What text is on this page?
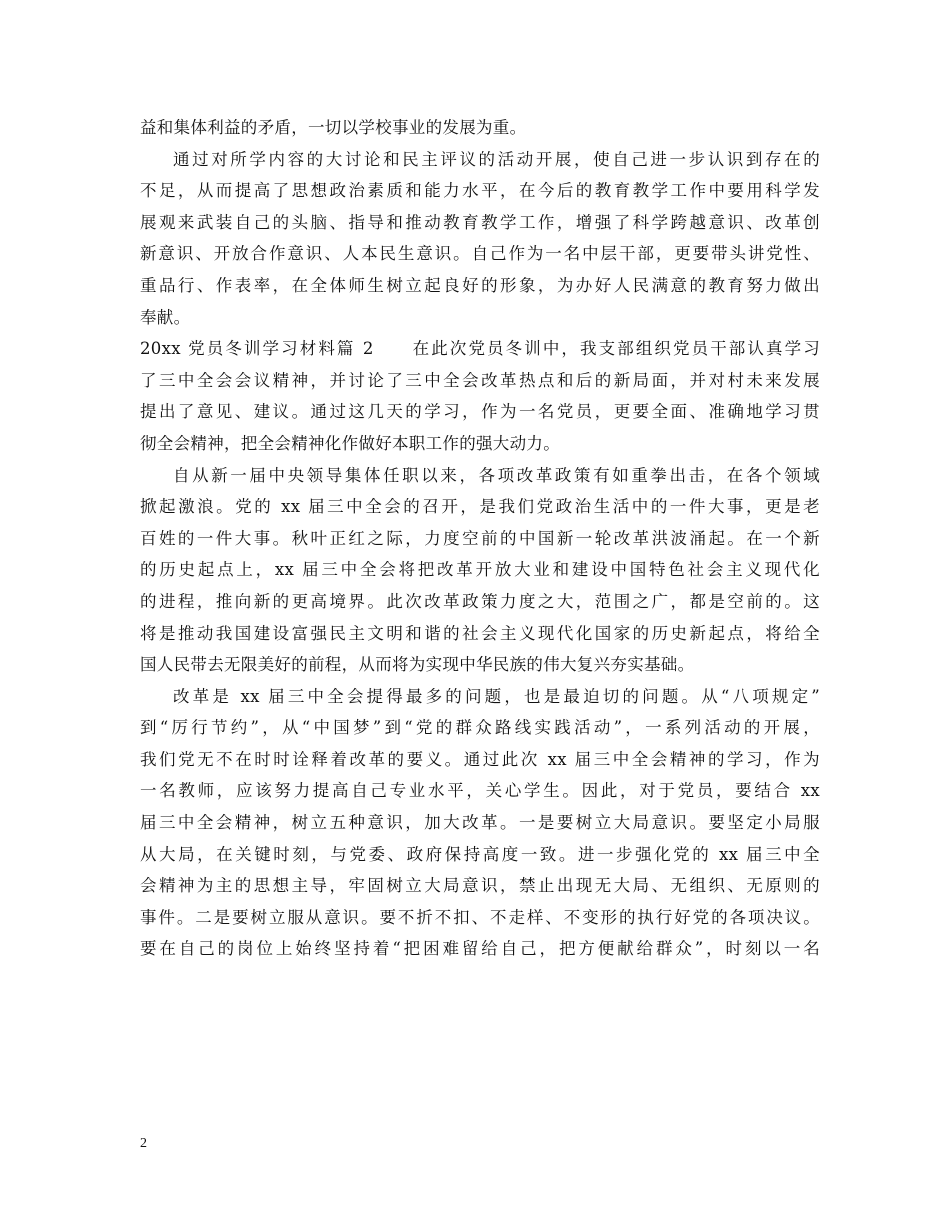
益和集体利益的矛盾，一切以学校事业的发展为重。
通过对所学内容的大讨论和民主评议的活动开展，使自己进一步认识到存在的
不足，从而提高了思想政治素质和能力水平，在今后的教育教学工作中要用科学发
展观来武装自己的头脑、指导和推动教育教学工作，增强了科学跨越意识、改革创
新意识、开放合作意识、人本民生意识。自己作为一名中层干部，更要带头讲党性、
重品行、作表率，在全体师生树立起良好的形象，为办好人民满意的教育努力做出
奉献。
20xx 党员冬训学习材料篇 2　　在此次党员冬训中，我支部组织党员干部认真学习
了三中全会会议精神，并讨论了三中全会改革热点和后的新局面，并对村未来发展
提出了意见、建议。通过这几天的学习，作为一名党员，更要全面、准确地学习贯
彻全会精神，把全会精神化作做好本职工作的强大动力。
自从新一届中央领导集体任职以来，各项改革政策有如重拳出击，在各个领域
掀起激浪。党的 xx 届三中全会的召开，是我们党政治生活中的一件大事，更是老
百姓的一件大事。秋叶正红之际，力度空前的中国新一轮改革洪波涌起。在一个新
的历史起点上，xx 届三中全会将把改革开放大业和建设中国特色社会主义现代化
的进程，推向新的更高境界。此次改革政策力度之大，范围之广，都是空前的。这
将是推动我国建设富强民主文明和谐的社会主义现代化国家的历史新起点，将给全
国人民带去无限美好的前程，从而将为实现中华民族的伟大复兴夯实基础。
改革是 xx 届三中全会提得最多的问题，也是最迫切的问题。从“八项规定”
到“厉行节约”，从“中国梦”到“党的群众路线实践活动”，一系列活动的开展，
我们党无不在时时诠释着改革的要义。通过此次 xx 届三中全会精神的学习，作为
一名教师，应该努力提高自己专业水平，关心学生。因此，对于党员，要结合 xx
届三中全会精神，树立五种意识，加大改革。一是要树立大局意识。要坚定小局服
从大局，在关键时刻，与党委、政府保持高度一致。进一步强化党的 xx 届三中全
会精神为主的思想主导，牢固树立大局意识，禁止出现无大局、无组织、无原则的
事件。二是要树立服从意识。要不折不扣、不走样、不变形的执行好党的各项决议。
要在自己的岗位上始终坚持着“把困难留给自己，把方便献给群众”，时刻以一名
2
